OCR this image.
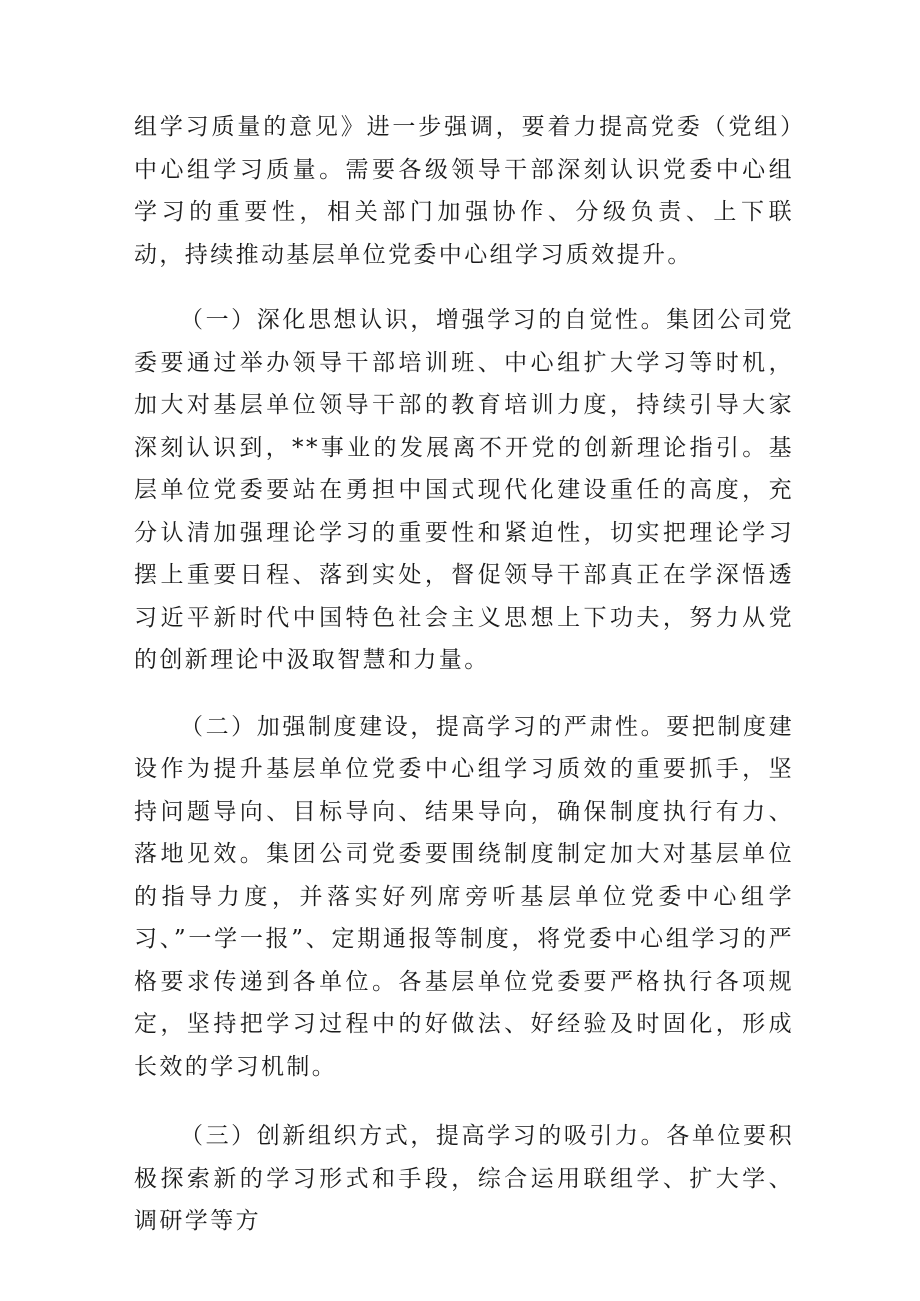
组学习质量的意见》进一步强调，要着力提高党委（党组）中心组学习质量。需要各级领导干部深刻认识党委中心组学习的重要性，相关部门加强协作、分级负责、上下联动，持续推动基层单位党委中心组学习质效提升。

（一）深化思想认识，增强学习的自觉性。集团公司党委要通过举办领导干部培训班、中心组扩大学习等时机，加大对基层单位领导干部的教育培训力度，持续引导大家深刻认识到，**事业的发展离不开党的创新理论指引。基层单位党委要站在勇担中国式现代化建设重任的高度，充分认清加强理论学习的重要性和紧迫性，切实把理论学习摆上重要日程、落到实处，督促领导干部真正在学深悟透习近平新时代中国特色社会主义思想上下功夫，努力从党的创新理论中汲取智慧和力量。

（二）加强制度建设，提高学习的严肃性。要把制度建设作为提升基层单位党委中心组学习质效的重要抓手，坚持问题导向、目标导向、结果导向，确保制度执行有力、落地见效。集团公司党委要围绕制度制定加大对基层单位的指导力度，并落实好列席旁听基层单位党委中心组学习、”一学一报”、定期通报等制度，将党委中心组学习的严格要求传递到各单位。各基层单位党委要严格执行各项规定，坚持把学习过程中的好做法、好经验及时固化，形成长效的学习机制。

（三）创新组织方式，提高学习的吸引力。各单位要积极探索新的学习形式和手段，综合运用联组学、扩大学、调研学等方
